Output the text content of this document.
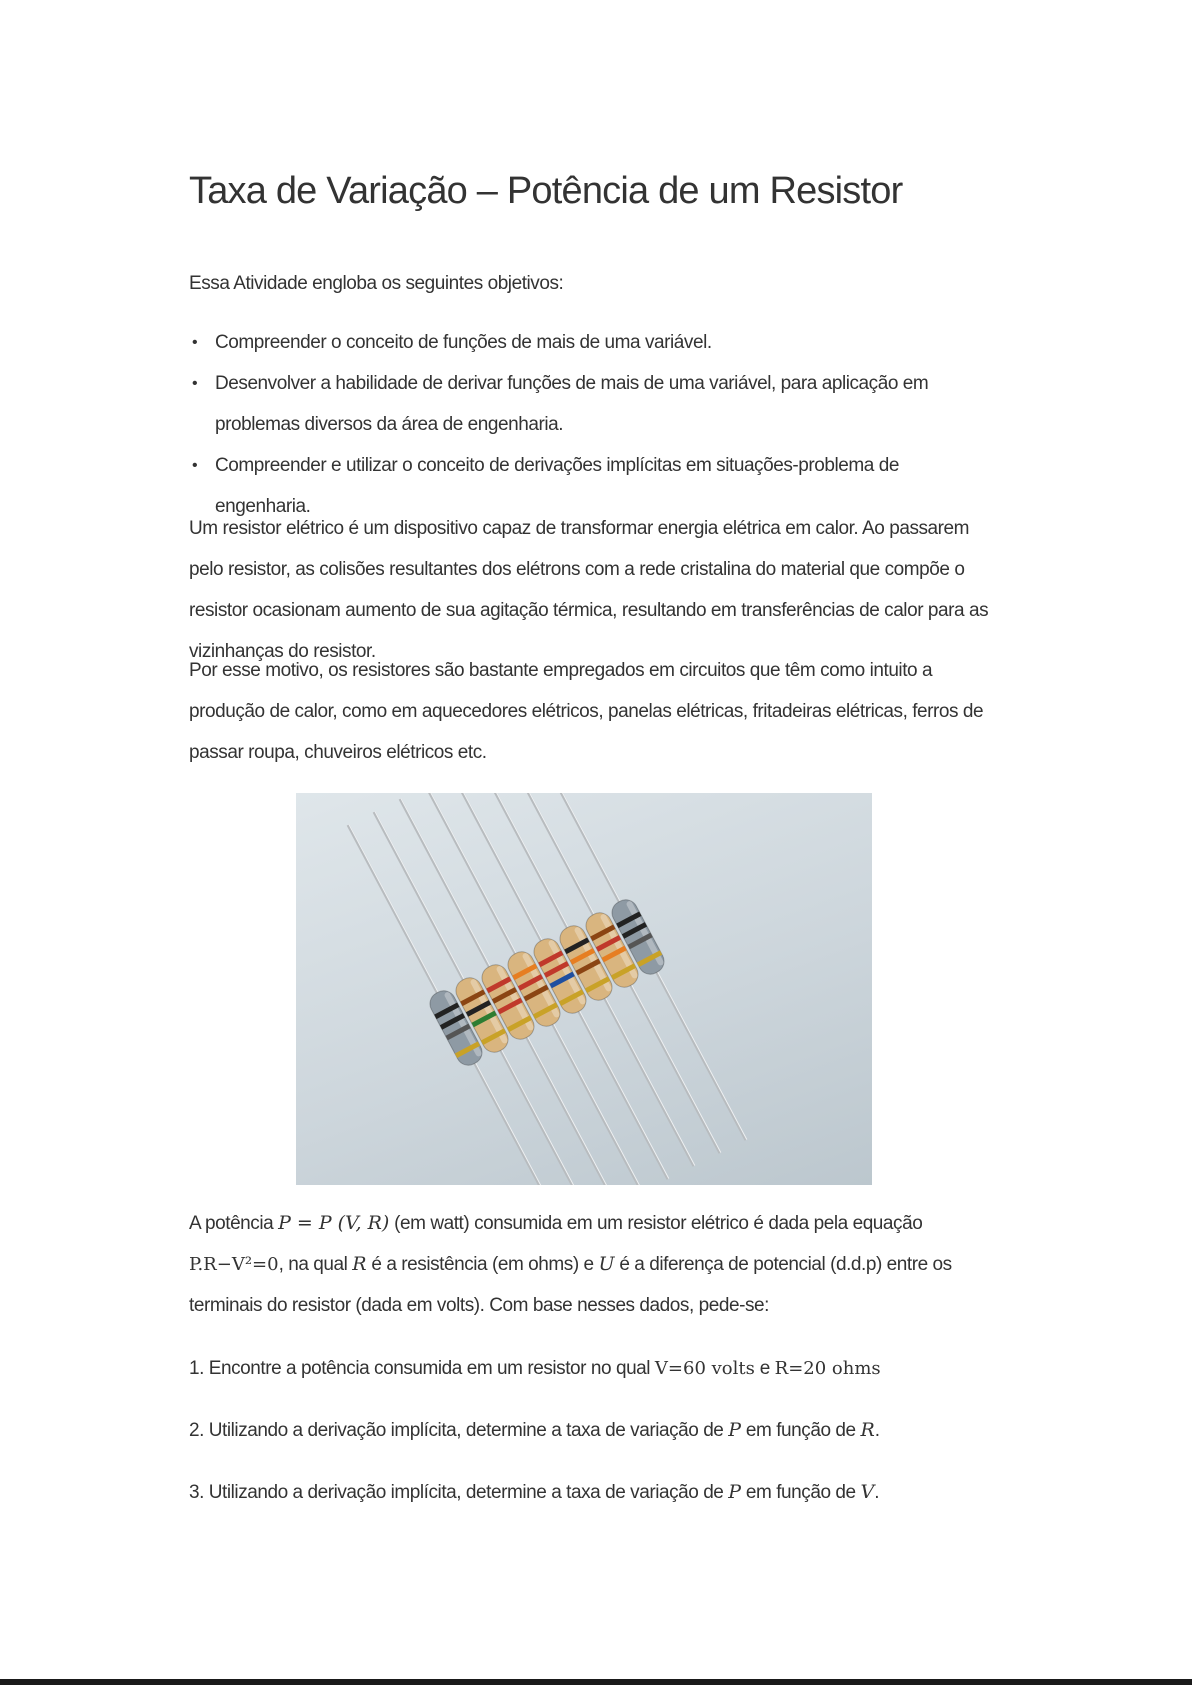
Taxa de Variação – Potência de um Resistor

Essa Atividade engloba os seguintes objetivos:

• Compreender o conceito de funções de mais de uma variável.
• Desenvolver a habilidade de derivar funções de mais de uma variável, para aplicação em problemas diversos da área de engenharia.
• Compreender e utilizar o conceito de derivações implícitas em situações-problema de engenharia.

Um resistor elétrico é um dispositivo capaz de transformar energia elétrica em calor. Ao passarem pelo resistor, as colisões resultantes dos elétrons com a rede cristalina do material que compõe o resistor ocasionam aumento de sua agitação térmica, resultando em transferências de calor para as vizinhanças do resistor.

Por esse motivo, os resistores são bastante empregados em circuitos que têm como intuito a produção de calor, como em aquecedores elétricos, panelas elétricas, fritadeiras elétricas, ferros de passar roupa, chuveiros elétricos etc.

A potência P = P (V, R) (em watt) consumida em um resistor elétrico é dada pela equação P.R−V²=0, na qual R é a resistência (em ohms) e U é a diferença de potencial (d.d.p) entre os terminais do resistor (dada em volts). Com base nesses dados, pede-se:

1. Encontre a potência consumida em um resistor no qual V=60 volts e R=20 ohms

2. Utilizando a derivação implícita, determine a taxa de variação de P em função de R.

3. Utilizando a derivação implícita, determine a taxa de variação de P em função de V.
